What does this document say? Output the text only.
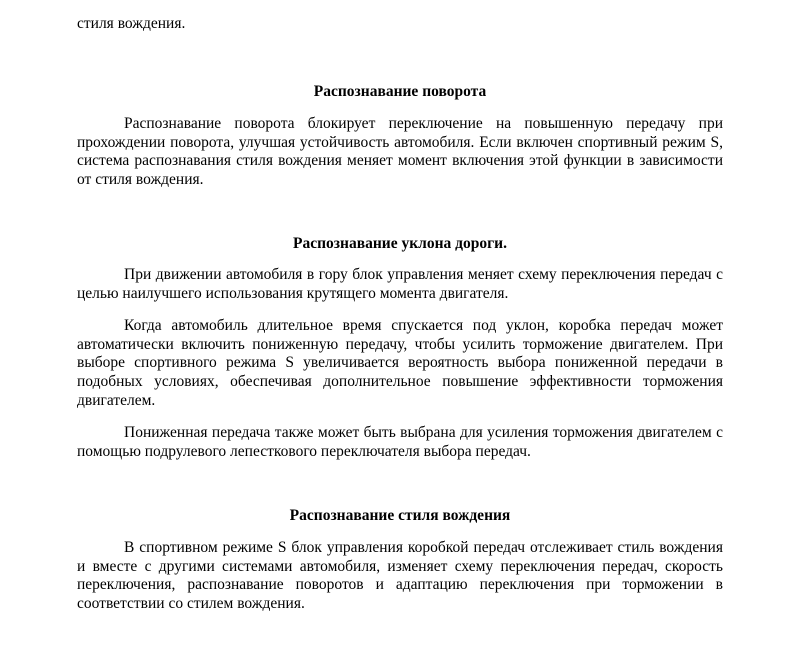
стиля вождения.

Распознавание поворота

Распознавание поворота блокирует переключение на повышенную передачу при прохождении поворота, улучшая устойчивость автомобиля. Если включен спортивный режим S, система распознавания стиля вождения меняет момент включения этой функции в зависимости от стиля вождения.

Распознавание уклона дороги.

При движении автомобиля в гору блок управления меняет схему переключения передач с целью наилучшего использования крутящего момента двигателя.

Когда автомобиль длительное время спускается под уклон, коробка передач может автоматически включить пониженную передачу, чтобы усилить торможение двигателем. При выборе спортивного режима S увеличивается вероятность выбора пониженной передачи в подобных условиях, обеспечивая дополнительное повышение эффективности торможения двигателем.

Пониженная передача также может быть выбрана для усиления торможения двигателем с помощью подрулевого лепесткового переключателя выбора передач.

Распознавание стиля вождения

В спортивном режиме S блок управления коробкой передач отслеживает стиль вождения и вместе с другими системами автомобиля, изменяет схему переключения передач, скорость переключения, распознавание поворотов и адаптацию переключения при торможении в соответствии со стилем вождения.
